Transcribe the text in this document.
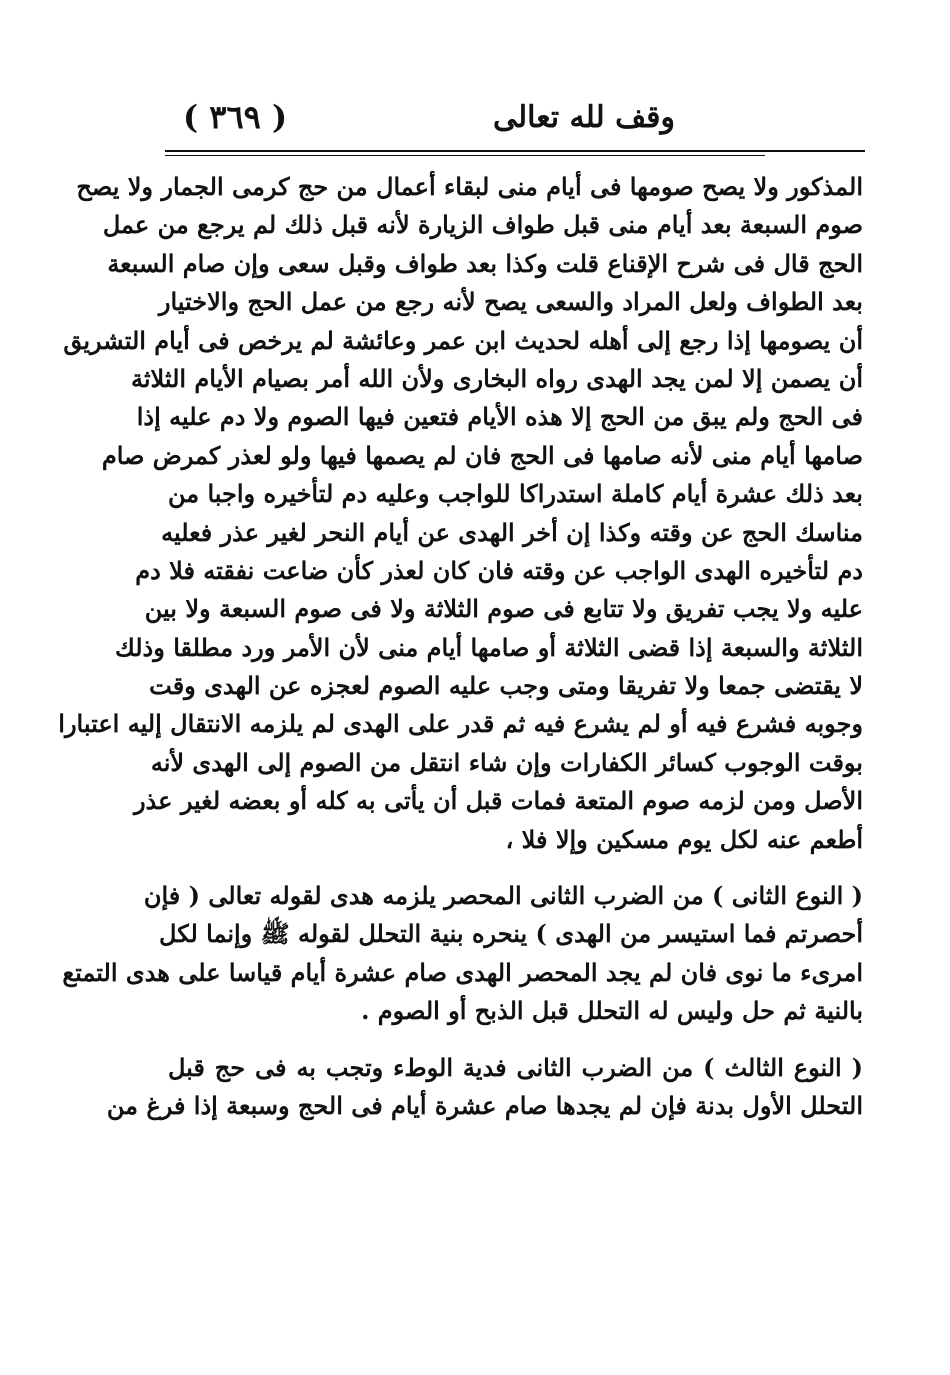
وقف لله تعالى
( ٣٦٩ )
المذكور ولا يصح صومها فى أيام منى لبقاء أعمال من حج كرمى الجمار ولا يصح
صوم السبعة بعد أيام منى قبل طواف الزيارة لأنه قبل ذلك لم يرجع من عمل
الحج قال فى شرح الإقناع قلت وكذا بعد طواف وقبل سعى وإن صام السبعة
بعد الطواف ولعل المراد والسعى يصح لأنه رجع من عمل الحج والاختيار
أن يصومها إذا رجع إلى أهله لحديث ابن عمر وعائشة لم يرخص فى أيام التشريق
أن يصمن إلا لمن يجد الهدى رواه البخارى ولأن الله أمر بصيام الأيام الثلاثة
فى الحج ولم يبق من الحج إلا هذه الأيام فتعين فيها الصوم ولا دم عليه إذا
صامها أيام منى لأنه صامها فى الحج فان لم يصمها فيها ولو لعذر كمرض صام
بعد ذلك عشرة أيام كاملة استدراكا للواجب وعليه دم لتأخيره واجبا من
مناسك الحج عن وقته وكذا إن أخر الهدى عن أيام النحر لغير عذر فعليه
دم لتأخيره الهدى الواجب عن وقته فان كان لعذر كأن ضاعت نفقته فلا دم
عليه ولا يجب تفريق ولا تتابع فى صوم الثلاثة ولا فى صوم السبعة ولا بين
الثلاثة والسبعة إذا قضى الثلاثة أو صامها أيام منى لأن الأمر ورد مطلقا وذلك
لا يقتضى جمعا ولا تفريقا ومتى وجب عليه الصوم لعجزه عن الهدى وقت
وجوبه فشرع فيه أو لم يشرع فيه ثم قدر على الهدى لم يلزمه الانتقال إليه اعتبارا
بوقت الوجوب كسائر الكفارات وإن شاء انتقل من الصوم إلى الهدى لأنه
الأصل ومن لزمه صوم المتعة فمات قبل أن يأتى به كله أو بعضه لغير عذر
أطعم عنه لكل يوم مسكين وإلا فلا ،
( النوع الثانى ) من الضرب الثانى المحصر يلزمه هدى لقوله تعالى ( فإن
أحصرتم فما استيسر من الهدى ) ينحره بنية التحلل لقوله ﷺ وإنما لكل
امرىء ما نوى فان لم يجد المحصر الهدى صام عشرة أيام قياسا على هدى التمتع
بالنية ثم حل وليس له التحلل قبل الذبح أو الصوم .
( النوع الثالث ) من الضرب الثانى فدية الوطء وتجب به فى حج قبل
التحلل الأول بدنة فإن لم يجدها صام عشرة أيام فى الحج وسبعة إذا فرغ من
